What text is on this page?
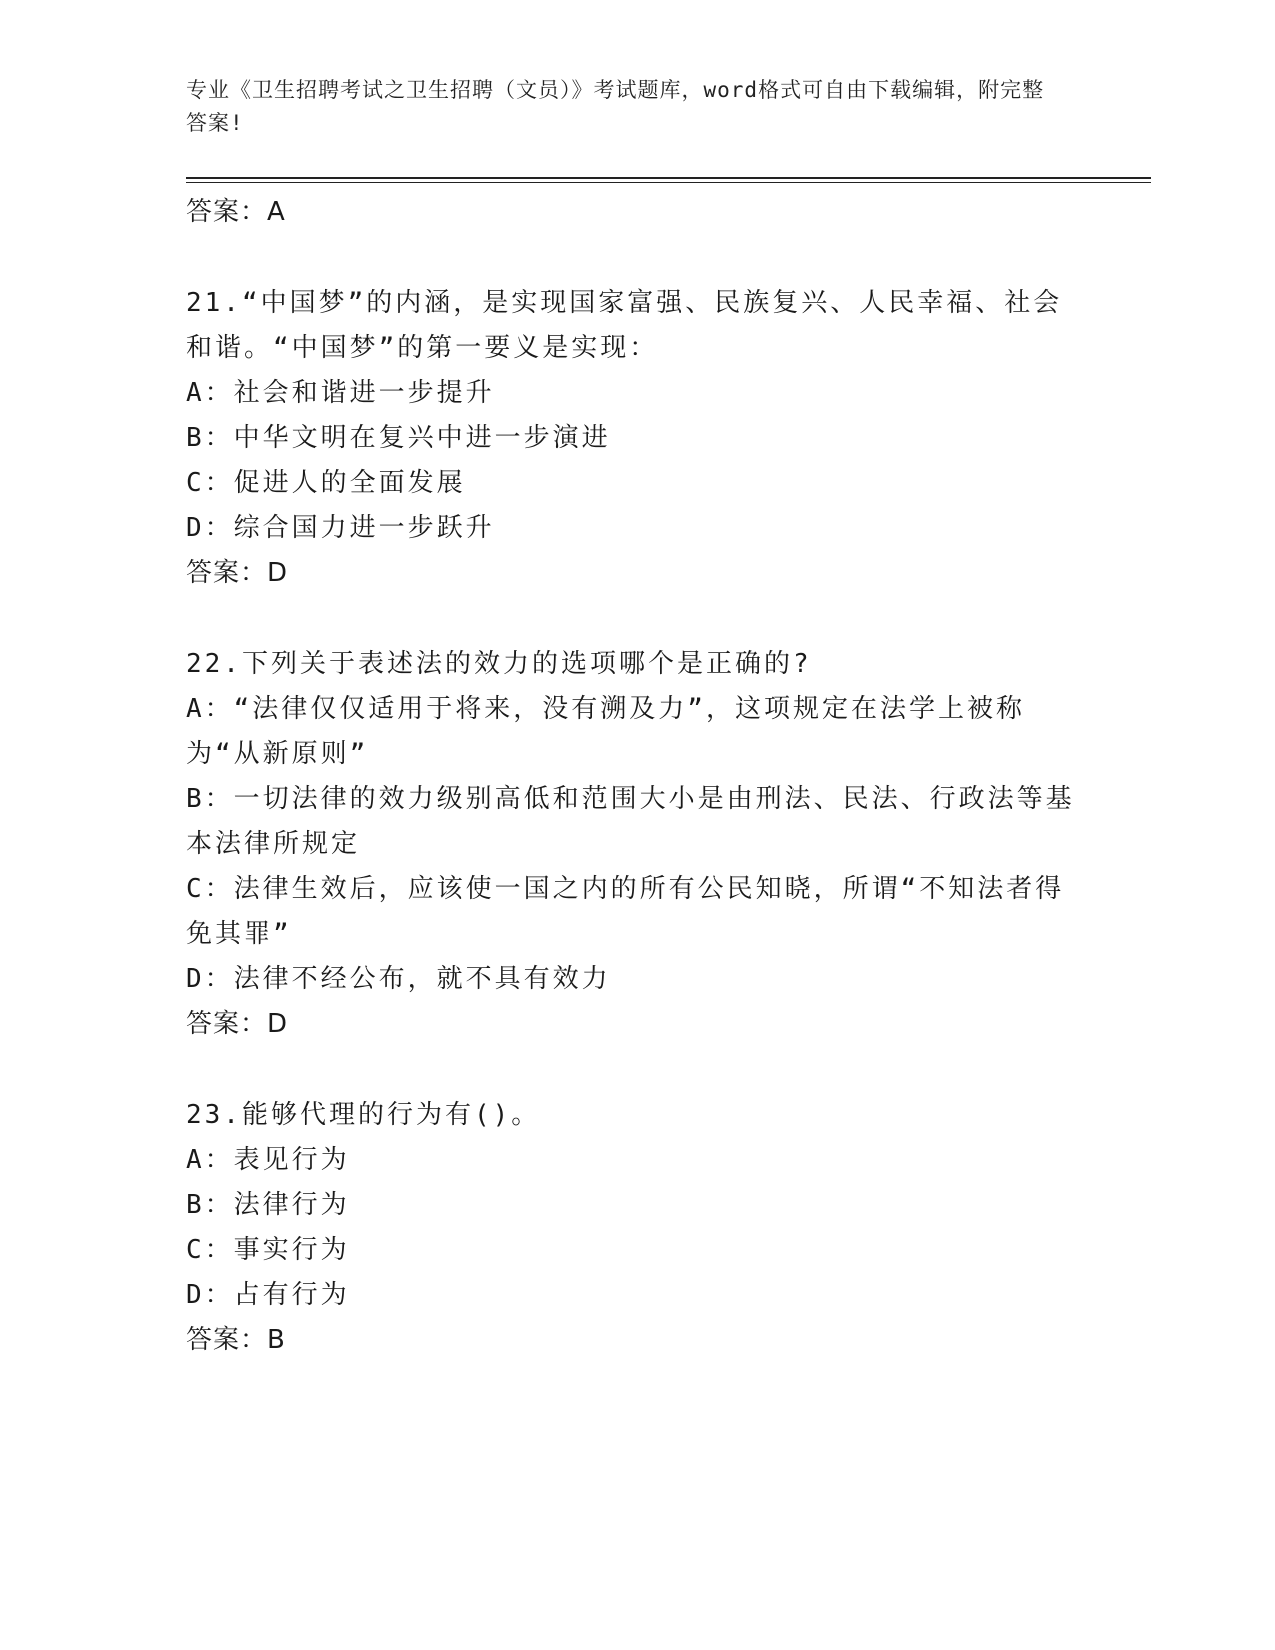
专业《卫生招聘考试之卫生招聘（文员）》考试题库，word格式可自由下载编辑，附完整答案!
答案：A
21.“中国梦”的内涵，是实现国家富强、民族复兴、人民幸福、社会和谐。“中国梦”的第一要义是实现：
A：社会和谐进一步提升
B：中华文明在复兴中进一步演进
C：促进人的全面发展
D：综合国力进一步跃升
答案：D
22.下列关于表述法的效力的选项哪个是正确的?
A：“法律仅仅适用于将来，没有溯及力”，这项规定在法学上被称为“从新原则”
B：一切法律的效力级别高低和范围大小是由刑法、民法、行政法等基本法律所规定
C：法律生效后，应该使一国之内的所有公民知晓，所谓“不知法者得免其罪”
D：法律不经公布，就不具有效力
答案：D
23.能够代理的行为有()。
A：表见行为
B：法律行为
C：事实行为
D：占有行为
答案：B
